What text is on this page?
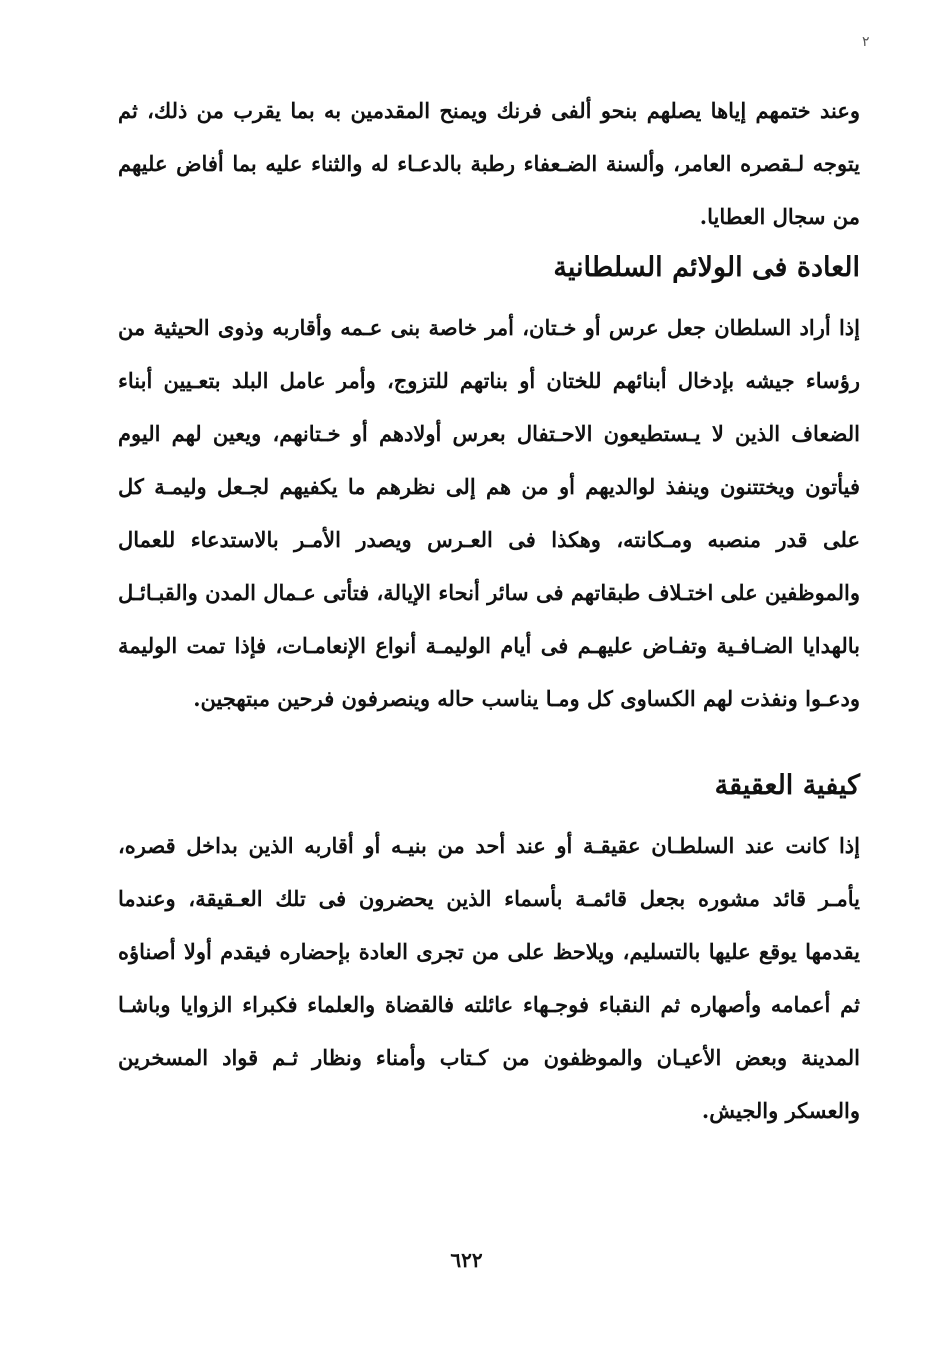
٢

وعند ختمهم إياها يصلهم بنحو ألفى فرنك ويمنح المقدمين به بما يقرب من ذلك، ثم يتوجه لـقصره العامر، وألسنة الضـعفاء رطبة بالدعـاء له والثناء عليه بما أفاض عليهم من سجال العطايا.

العادة فى الولائم السلطانية

إذا أراد السلطان جعل عرس أو خـتان، أمر خاصة بنى عـمه وأقاربه وذوى الحيثية من رؤساء جيشه بإدخال أبنائهم للختان أو بناتهم للتزوج، وأمر عامل البلد بتعـيين أبناء الضعاف الذين لا يـستطيعون الاحـتفال بعرس أولادهم أو خـتانهم، ويعين لهم اليوم فيأتون ويختتنون وينفذ لوالديهم أو من هم إلى نظرهم ما يكفيهم لجـعل وليمـة كل على قدر منصبه ومـكانته، وهكذا فى العـرس ويصدر الأمـر بالاستدعاء للعمال والموظفين على اختـلاف طبقاتهم فى سائر أنحاء الإيالة، فتأتى عـمال المدن والقبـائـل بالهدايا الضـافـية وتفـاض عليهـم فى أيام الوليمـة أنواع الإنعامـات، فإذا تمت الوليمة ودعـوا ونفذت لهم الكساوى كل ومـا يناسب حاله وينصرفون فرحين مبتهجين.

كيفية العقيقة

إذا كانت عند السلطـان عقيقـة أو عند أحد من بنيـه أو أقاربه الذين بداخل قصره، يأمـر قائد مشوره بجعل قائمـة بأسماء الذين يحضرون فى تلك العـقيقة، وعندما يقدمها يوقع عليها بالتسليم، ويلاحظ على من تجرى العادة بإحضاره فيقدم أولا أصناؤه ثم أعمامه وأصهاره ثم النقباء فوجـهاء عائلته فالقضاة والعلماء فكبراء الزوايا وباشـا المدينة وبعض الأعيـان والموظفون من كـتاب وأمناء ونظار ثـم قواد المسخرين والعسكر والجيش.

٦٢٢
